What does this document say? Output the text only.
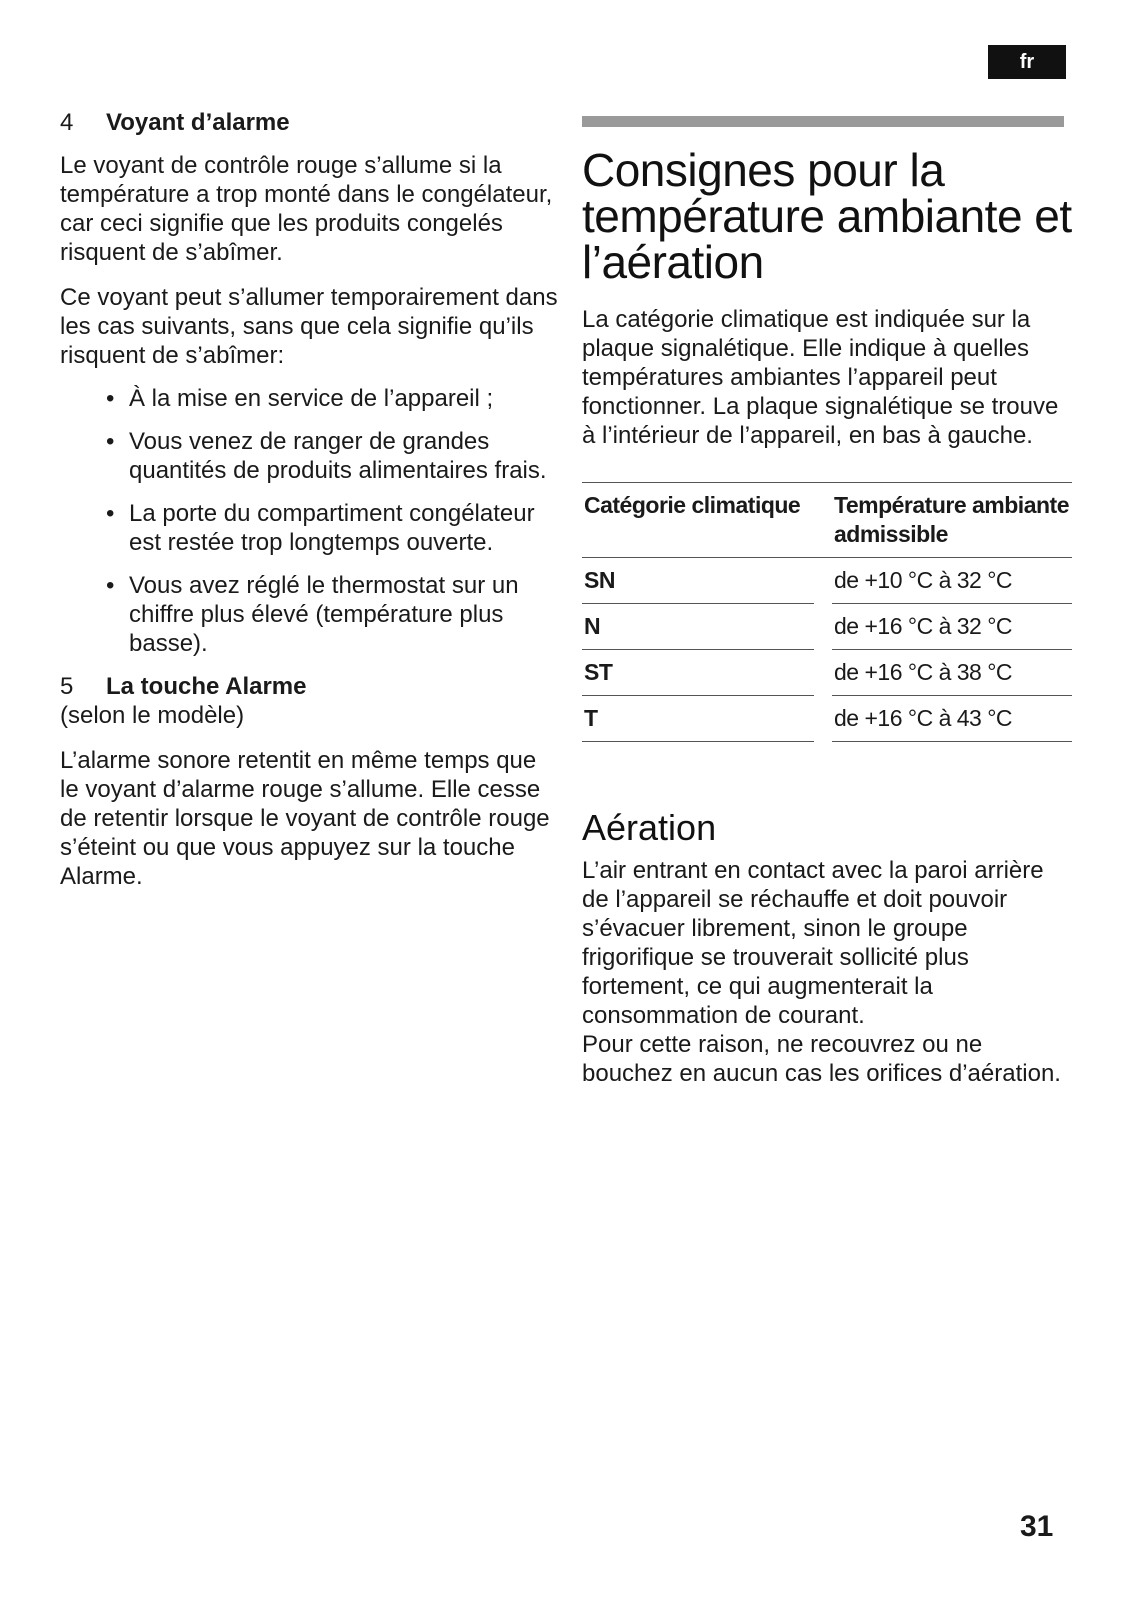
fr
4	Voyant d’alarme

Le voyant de contrôle rouge s’allume si la température a trop monté dans le congélateur, car ceci signifie que les produits congelés risquent de s’abîmer.

Ce voyant peut s’allumer temporairement dans les cas suivants, sans que cela signifie qu’ils risquent de s’abîmer:

• À la mise en service de l’appareil ;
• Vous venez de ranger de grandes quantités de produits alimentaires frais.
• La porte du compartiment congélateur est restée trop longtemps ouverte.
• Vous avez réglé le thermostat sur un chiffre plus élevé (température plus basse).
5	La touche Alarme

(selon le modèle)

L’alarme sonore retentit en même temps que le voyant d’alarme rouge s’allume. Elle cesse de retentir lorsque le voyant de contrôle rouge s’éteint ou que vous appuyez sur la touche Alarme.

Consignes pour la température ambiante et l’aération

La catégorie climatique est indiquée sur la plaque signalétique. Elle indique à quelles températures ambiantes l’appareil peut fonctionner. La plaque signalétique se trouve à l’intérieur de l’appareil, en bas à gauche.

Catégorie climatique		Température ambiante admissible
SN		de +10 °C à 32 °C
N		de +16 °C à 32 °C
ST		de +16 °C à 38 °C
T		de +16 °C à 43 °C
Aération

L’air entrant en contact avec la paroi arrière de l’appareil se réchauffe et doit pouvoir s’évacuer librement, sinon le groupe frigorifique se trouverait sollicité plus fortement, ce qui augmenterait la consommation de courant.

Pour cette raison, ne recouvrez ou ne bouchez en aucun cas les orifices d’aération.

31
